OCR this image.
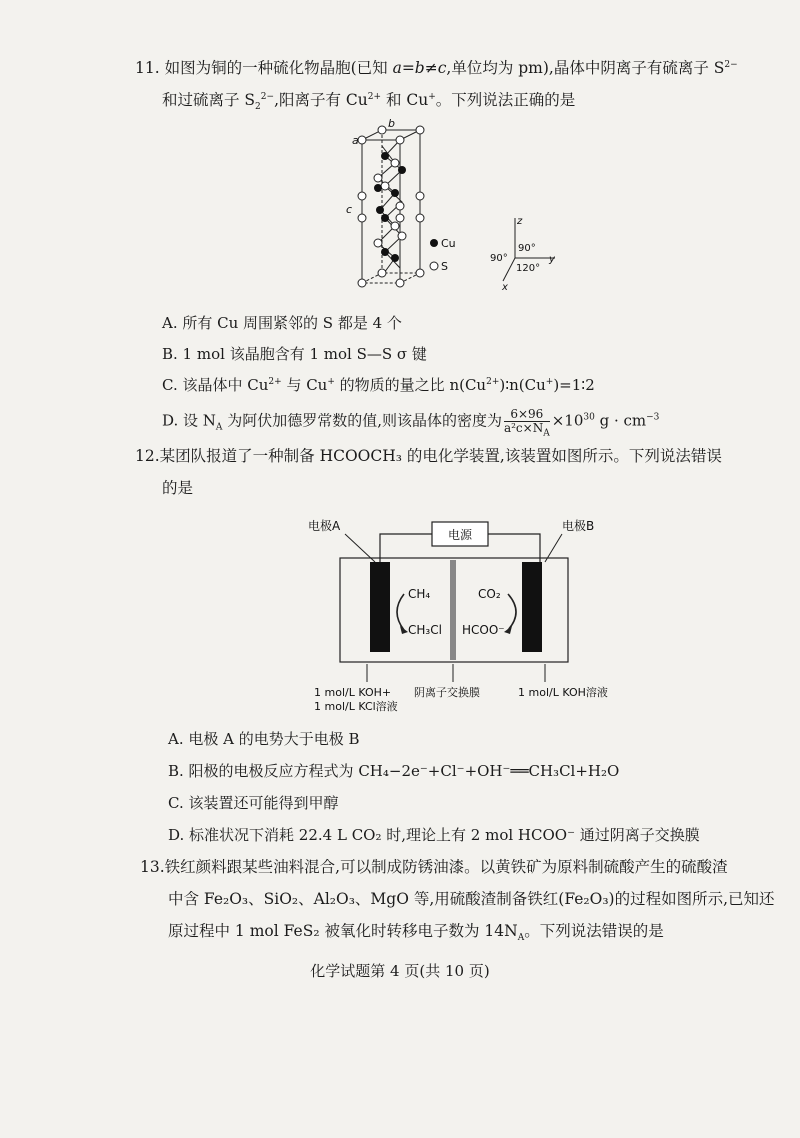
11. 如图为铜的一种硫化物晶胞(已知 a=b≠c,单位均为 pm),晶体中阴离子有硫离子 $S^{2-}$
和过硫离子 $S_2^{2-}$,阳离子有 $Cu^{2+}$ 和 Cu+。下列说法正确的是
a
b
c
Cu
S
z
y
x
90°
90°
120°
A. 所有 Cu 周围紧邻的 S 都是 4 个
B. 1 mol 该晶胞含有 1 mol S—S σ 键
C. 该晶体中 $Cu^{2+}$ 与 Cu+ 的物质的量之比 $n(Cu^{2+})∶n(Cu^+)=1∶2$
D. 设 $N_A$ 为阿伏加德罗常数的值,则该晶体的密度为 $\frac{6\times 96}{a^2c\times N_A} \times 10^{30}$ $g \cdot cm^{-3}$
12.某团队报道了一种制备 HCOOCH₃ 的电化学装置,该装置如图所示。下列说法错误
的是
电源
电极A	电极B
CH₄
CH₃Cl
CO₂
HCOO⁻
1 mol/L KOH+
1 mol/L KCl溶液
阴离子交换膜	1 mol/L KOH溶液
A. 电极 A 的电势大于电极 B
B. 阳极的电极反应方程式为 CH₄−2e⁻+Cl⁻+OH⁻══CH₃Cl+H₂O
C. 该装置还可能得到甲醇
D. 标准状况下消耗 22.4 L CO₂ 时,理论上有 2 mol HCOO⁻ 通过阴离子交换膜
13.铁红颜料跟某些油料混合,可以制成防锈油漆。以黄铁矿为原料制硫酸产生的硫酸渣
中含 Fe₂O₃、SiO₂、Al₂O₃、MgO 等,用硫酸渣制备铁红(Fe₂O₃)的过程如图所示,已知还
原过程中 1 mol FeS₂ 被氧化时转移电子数为 $14N_A$。下列说法错误的是
化学试题第 4 页(共 10 页)
